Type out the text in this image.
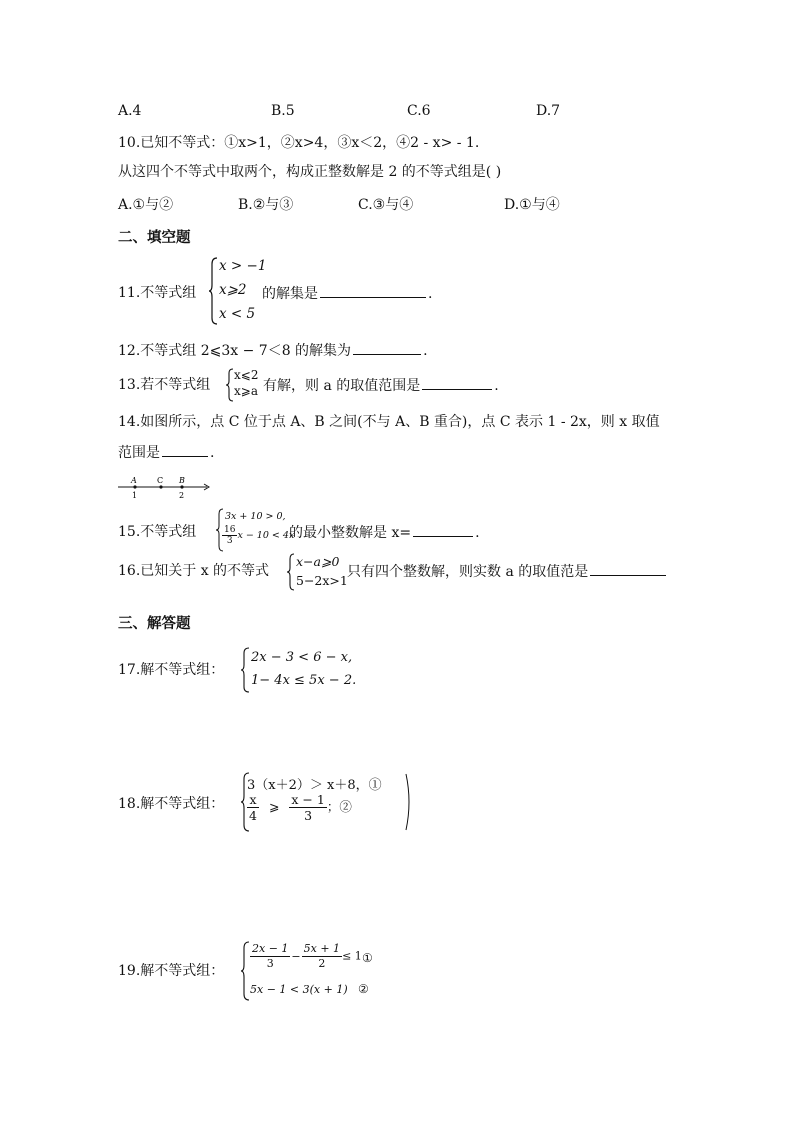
A.4	B.5	C.6	D.7
10.已知不等式：①x>1，②x>4，③x＜2，④2 - x> - 1.
从这四个不等式中取两个，构成正整数解是 2 的不等式组是( )
A.①与②	B.②与③	C.③与④	D.①与④
二、填空题
11.不等式组
x > −1
x⩾2
x < 5
的解集是	.
12.不等式组 2⩽3x − 7＜8 的解集为	.
13.若不等式组
x⩽2
x⩾a 有解，则 a 的取值范围是	.
14.如图所示，点 C 位于点 A、B 之间(不与 A、B 重合)，点 C 表示 1 - 2x，则 x 取值
范围是	.
A	C B
1	2
15.不等式组
3x + 10 > 0,
$\frac{16}{3}$ x − 10 < 4x
的最小整数解是 x=	.
16.已知关于 x 的不等式
x−a⩾0
5−2x>1
只有四个整数解，则实数 a 的取值范是
三、解答题
17.解不等式组：
2x − 3 < 6 − x,
1− 4x ≤ 5x − 2.
18.解不等式组：
3（x＋2）＞ x＋8，①
$\frac{x}{4}$ ⩾ $\frac{x - 1}{3}$ ；②
19.解不等式组： $\frac{2x - 1}{3} - \frac{5x + 1}{2} \le 1$ ①
5x − 1 < 3(x + 1) ②
